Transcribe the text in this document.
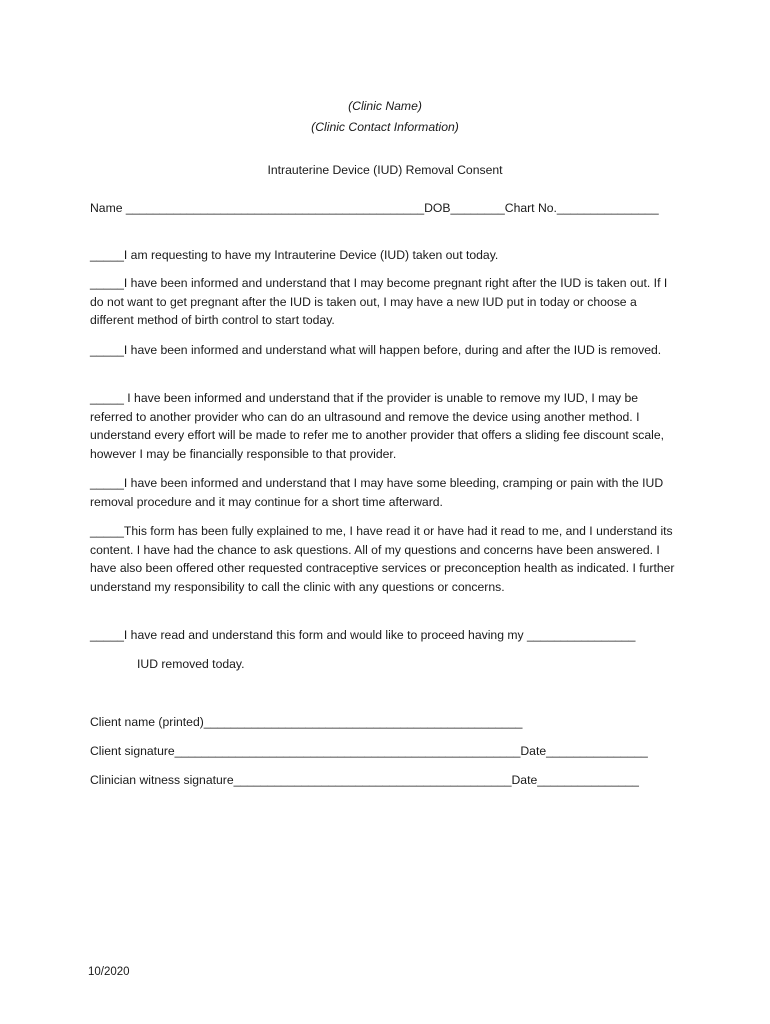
(Clinic Name)
(Clinic Contact Information)
Intrauterine Device (IUD) Removal Consent
Name ____________________________________________DOB________Chart No._______________

_____I am requesting to have my Intrauterine Device (IUD) taken out today.

_____I have been informed and understand that I may become pregnant right after the IUD is taken out. If I do not want to get pregnant after the IUD is taken out, I may have a new IUD put in today or choose a different method of birth control to start today.

_____I have been informed and understand what will happen before, during and after the IUD is removed.

_____ I have been informed and understand that if the provider is unable to remove my IUD, I may be referred to another provider who can do an ultrasound and remove the device using another method. I understand every effort will be made to refer me to another provider that offers a sliding fee discount scale, however I may be financially responsible to that provider.

_____I have been informed and understand that I may have some bleeding, cramping or pain with the IUD removal procedure and it may continue for a short time afterward.

_____This form has been fully explained to me, I have read it or have had it read to me, and I understand its content. I have had the chance to ask questions. All of my questions and concerns have been answered. I have also been offered other requested contraceptive services or preconception health as indicated. I further understand my responsibility to call the clinic with any questions or concerns.

_____I have read and understand this form and would like to proceed having my ________________

IUD removed today.

Client name (printed)_______________________________________________

Client signature___________________________________________________Date_______________

Clinician witness signature_________________________________________Date_______________

10/2020
